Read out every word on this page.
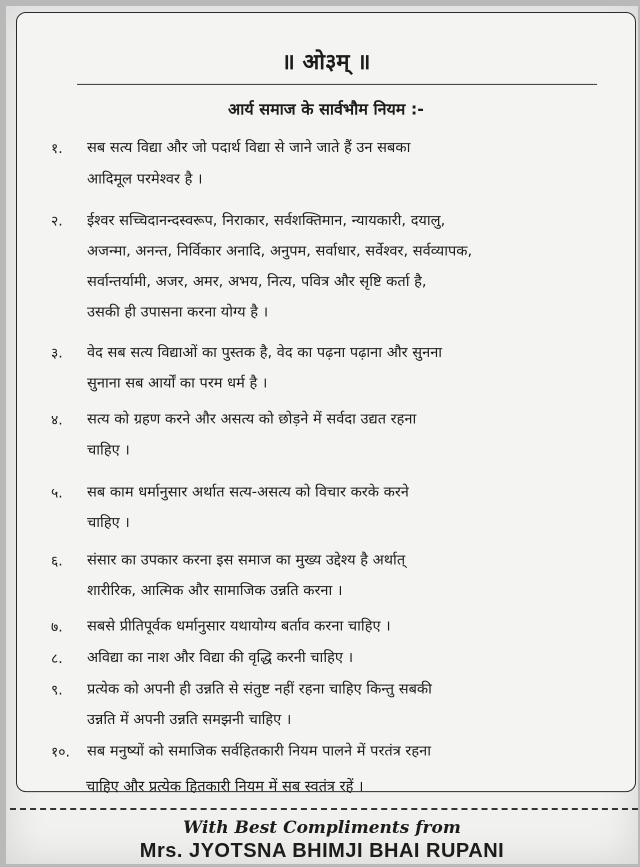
॥ ओ३म् ॥
आर्य समाज के सार्वभौम नियम :-
१. सब सत्य विद्या और जो पदार्थ विद्या से जाने जाते हैं उन सबका
आदिमूल परमेश्वर है ।
२. ईश्वर सच्चिदानन्दस्वरूप, निराकार, सर्वशक्तिमान, न्यायकारी, दयालु,
अजन्मा, अनन्त, निर्विकार अनादि, अनुपम, सर्वाधार, सर्वेश्वर, सर्वव्यापक,
सर्वान्तर्यामी, अजर, अमर, अभय, नित्य, पवित्र और सृष्टि कर्ता है,
उसकी ही उपासना करना योग्य है ।
३. वेद सब सत्य विद्याओं का पुस्तक है, वेद का पढ़ना पढ़ाना और सुनना
सुनाना सब आर्यों का परम धर्म है ।
४. सत्य को ग्रहण करने और असत्य को छोड़ने में सर्वदा उद्यत रहना
चाहिए ।
५. सब काम धर्मानुसार अर्थात सत्य-असत्य को विचार करके करने
चाहिए ।
६. संसार का उपकार करना इस समाज का मुख्य उद्देश्य है अर्थात्
शारीरिक, आत्मिक और सामाजिक उन्नति करना ।
७. सबसे प्रीतिपूर्वक धर्मानुसार यथायोग्य बर्ताव करना चाहिए ।
८. अविद्या का नाश और विद्या की वृद्धि करनी चाहिए ।
९. प्रत्येक को अपनी ही उन्नति से संतुष्ट नहीं रहना चाहिए किन्तु सबकी
उन्नति में अपनी उन्नति समझनी चाहिए ।
१०. सब मनुष्यों को समाजिक सर्वहितकारी नियम पालने में परतंत्र रहना
चाहिए और प्रत्येक हितकारी नियम में सब स्वतंत्र रहें ।
With Best Compliments from
Mrs. JYOTSNA BHIMJI BHAI RUPANI
